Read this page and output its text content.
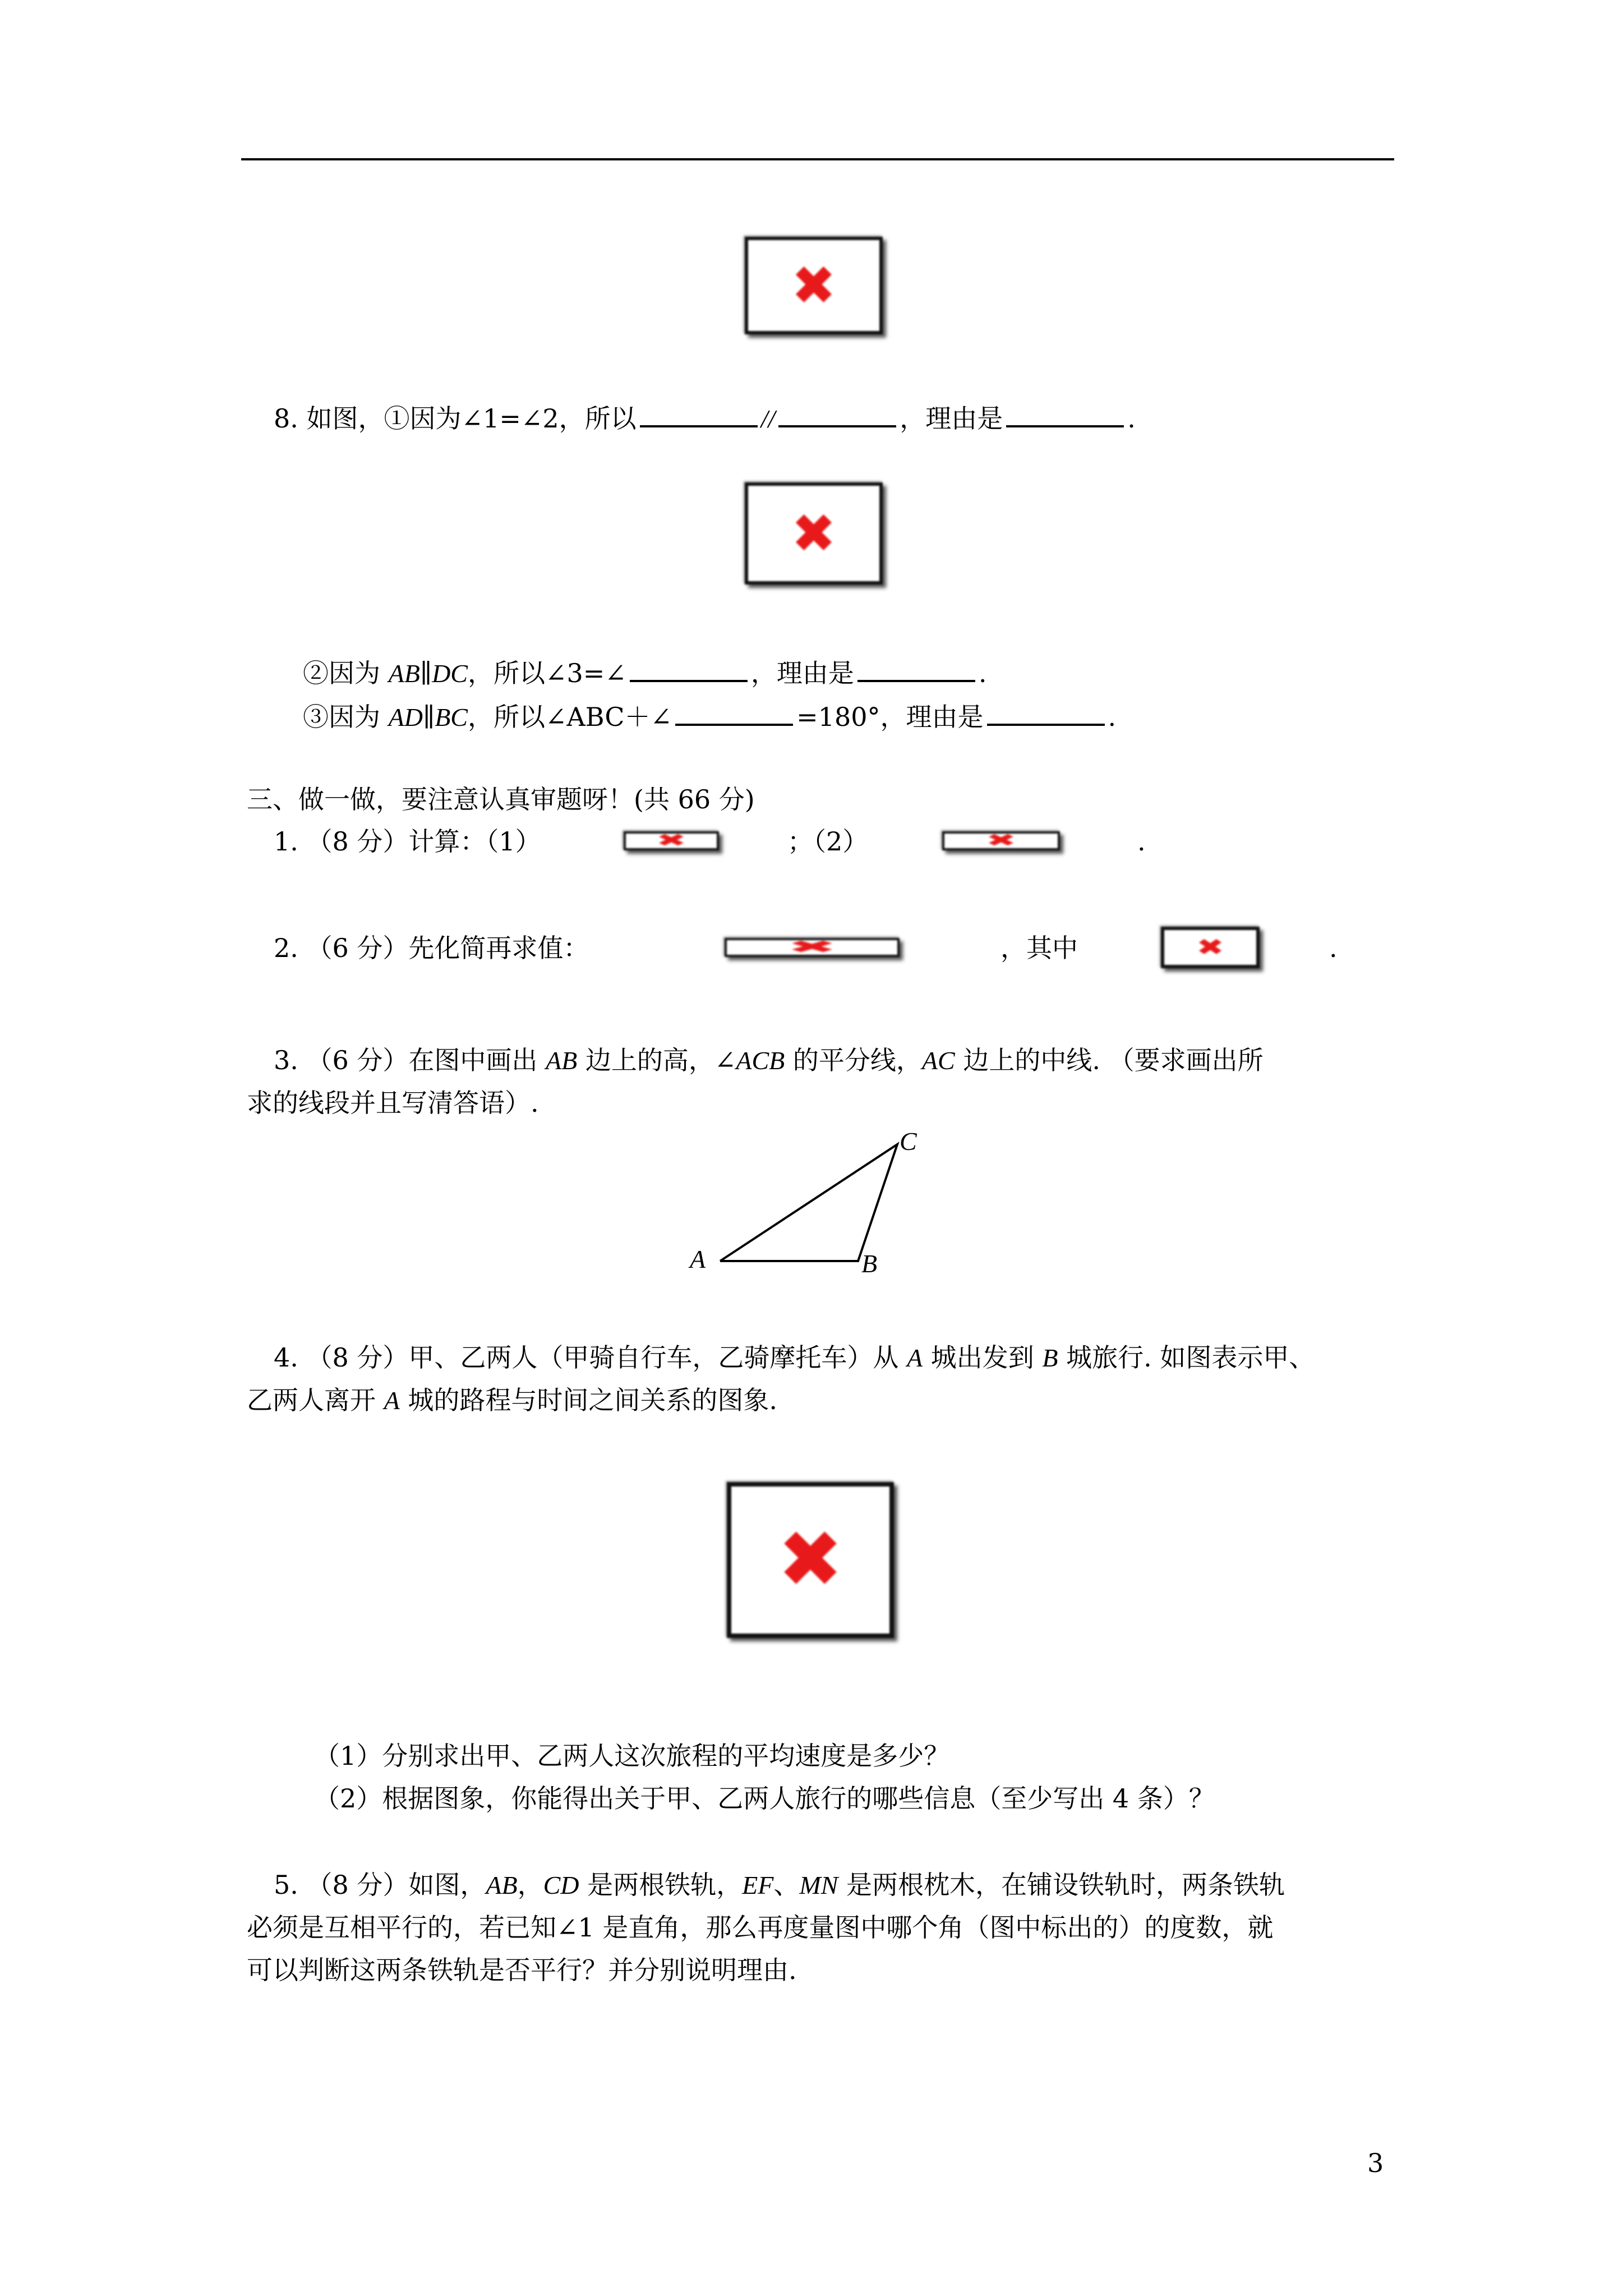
✖
8. 如图，①因为∠1=∠2，所以	//	，理由是	.
✖
②因为 AB∥DC，所以∠3=∠	，理由是	.
③因为 AD∥BC，所以∠ABC＋∠	=180°，理由是	.
三、做一做，要注意认真审题呀！(共 66 分)
1. （8 分）计算：（1）	✖	；（2）	✖	.
2. （6 分）先化简再求值：	✖	，其中	✖	.
3. （6 分）在图中画出 AB 边上的高，∠ACB 的平分线，AC 边上的中线. （要求画出所
求的线段并且写清答语）.
A	B
C
4. （8 分）甲、乙两人（甲骑自行车，乙骑摩托车）从 A 城出发到 B 城旅行. 如图表示甲、
乙两人离开 A 城的路程与时间之间关系的图象.
✖
（1）分别求出甲、乙两人这次旅程的平均速度是多少？
（2）根据图象，你能得出关于甲、乙两人旅行的哪些信息（至少写出 4 条）？
5. （8 分）如图，AB，CD 是两根铁轨，EF、MN 是两根枕木，在铺设铁轨时，两条铁轨
必须是互相平行的，若已知∠1 是直角，那么再度量图中哪个角（图中标出的）的度数，就
可以判断这两条铁轨是否平行？并分别说明理由.
3
